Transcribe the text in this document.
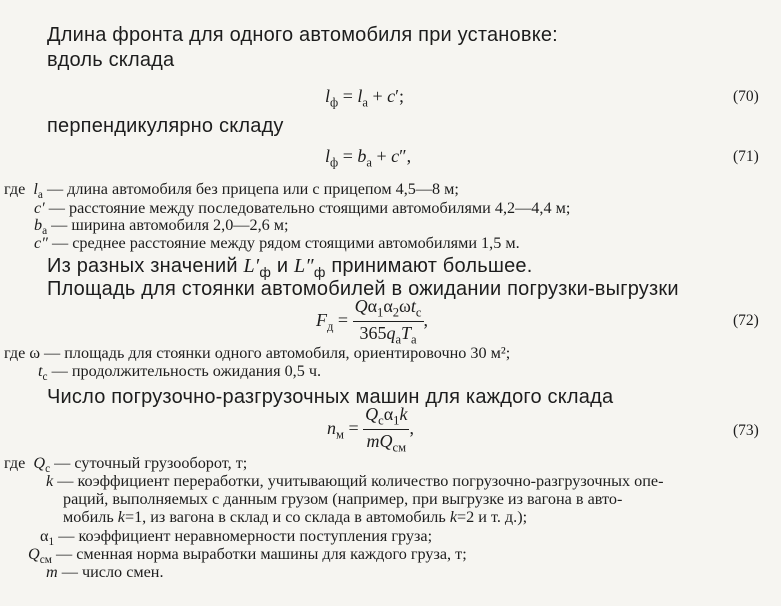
Длина фронта для одного автомобиля при установке:

вдоль склада

$l_ф = l_а + c'$;	(70)

перпендикулярно складу

$l_ф = b_а + c''$,	(71)
где  $l_а$ — длина автомобиля без прицепа или с прицепом 4,5—8 м;
c′ — расстояние между последовательно стоящими автомобилями 4,2—4,4 м;
$b_а$ — ширина автомобиля 2,0—2,6 м;
c″ — среднее расстояние между рядом стоящими автомобилями 1,5 м.
Из разных значений $L'_ф$ и $L''_ф$ принимают большее.

Площадь для стоянки автомобилей в ожидании погрузки-выгрузки

$F_д = \frac{Q\alpha_1\alpha_2\omega t_c}{365q_аT_а}$ ,	(72)
где ω — площадь для стоянки одного автомобиля, ориентировочно 30 м²;
$t_c$ — продолжительность ожидания 0,5 ч.

Число погрузочно-разгрузочных машин для каждого склада

$n_м = \frac{Q_c\alpha_1k}{mQ_{см}}$ ,	(73)
где  $Q_c$ — суточный грузооборот, т;
k — коэффициент переработки, учитывающий количество погрузочно-разгрузочных опе-
раций, выполняемых с данным грузом (например, при выгрузке из вагона в авто-
мобиль k=1, из вагона в склад и со склада в автомобиль k=2 и т. д.);
$\alpha_1$ — коэффициент неравномерности поступления груза;
$Q_{см}$ — сменная норма выработки машины для каждого груза, т;
m — число смен.
